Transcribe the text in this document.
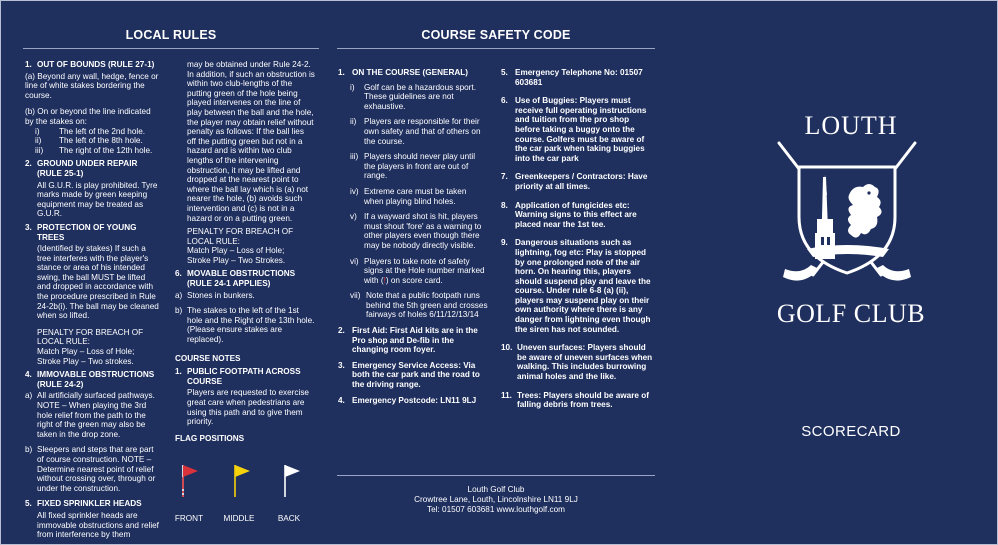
LOCAL RULES
1. OUT OF BOUNDS (RULE 27-1)
(a) Beyond any wall, hedge, fence or line of white stakes bordering the course.
(b) On or beyond the line indicated by the stakes on:
i)	The left of the 2nd hole.
ii)	The left of the 8th hole.
iii)	The right of the 12th hole.
2. GROUND UNDER REPAIR (RULE 25-1)
All G.U.R. is play prohibited. Tyre marks made by green keeping equipment may be treated as G.U.R.
3. PROTECTION OF YOUNG TREES
(Identified by stakes) If such a tree interferes with the player's stance or area of his intended swing, the ball MUST be lifted and dropped in accordance with the procedure prescribed in Rule 24-2b(i). The ball may be cleaned when so lifted.
PENALTY FOR BREACH OF LOCAL RULE:
Match Play – Loss of Hole;
Stroke Play – Two strokes.
4. IMMOVABLE OBSTRUCTIONS (RULE 24-2)
a) All artificially surfaced pathways. NOTE – When playing the 3rd hole relief from the path to the right of the green may also be taken in the drop zone.
b) Sleepers and steps that are part of course construction. NOTE – Determine nearest point of relief without crossing over, through or under the construction.
5. FIXED SPRINKLER HEADS
All fixed sprinkler heads are immovable obstructions and relief from interference by them
may be obtained under Rule 24-2. In addition, if such an obstruction is within two club-lengths of the putting green of the hole being played intervenes on the line of play between the ball and the hole, the player may obtain relief without penalty as follows: If the ball lies off the putting green but not in a hazard and is within two club lengths of the intervening obstruction, it may be lifted and dropped at the nearest point to where the ball lay which is (a) not nearer the hole, (b) avoids such intervention and (c) is not in a hazard or on a putting green.
PENALTY FOR BREACH OF LOCAL RULE:
Match Play – Loss of Hole;
Stroke Play – Two Strokes.
6. MOVABLE OBSTRUCTIONS (RULE 24-1 APPLIES)
a) Stones in bunkers.
b) The stakes to the left of the 1st hole and the Right of the 13th hole. (Please ensure stakes are replaced).
COURSE NOTES
1. PUBLIC FOOTPATH ACROSS COURSE
Players are requested to exercise great care when pedestrians are using this path and to give them priority.
FLAG POSITIONS
FRONT	MIDDLE	BACK
COURSE SAFETY CODE
1. ON THE COURSE (GENERAL)
i)	Golf can be a hazardous sport. These guidelines are not exhaustive.
ii) Players are responsible for their own safety and that of others on the course.
iii) Players should never play until the players in front are out of range.
iv) Extreme care must be taken when playing blind holes.
v) If a wayward shot is hit, players must shout 'fore' as a warning to other players even though there may be nobody directly visible.
vi) Players to take note of safety signs at the Hole number marked with (!) on score card.
vii) Note that a public footpath runs behind the 5th green and crosses fairways of holes 6/11/12/13/14
2. First Aid: First Aid kits are in the Pro shop and De-fib in the changing room foyer.
3. Emergency Service Access: Via both the car park and the road to the driving range.
4. Emergency Postcode: LN11 9LJ
5. Emergency Telephone No: 01507 603681
6. Use of Buggies: Players must receive full operating instructions and tuition from the pro shop before taking a buggy onto the course. Golfers must be aware of the car park when taking buggies into the car park
7. Greenkeepers / Contractors: Have priority at all times.
8. Application of fungicides etc: Warning signs to this effect are placed near the 1st tee.
9. Dangerous situations such as lightning, fog etc: Play is stopped by one prolonged note of the air horn. On hearing this, players should suspend play and leave the course. Under rule 6-8 (a) (ii), players may suspend play on their own authority where there is any danger from lightning even though the siren has not sounded.
10. Uneven surfaces: Players should be aware of uneven surfaces when walking. This includes burrowing animal holes and the like.
11. Trees: Players should be aware of falling debris from trees.
Louth Golf Club
Crowtree Lane, Louth, Lincolnshire LN11 9LJ
Tel: 01507 603681 www.louthgolf.com
LOUTH
GOLF CLUB
SCORECARD
